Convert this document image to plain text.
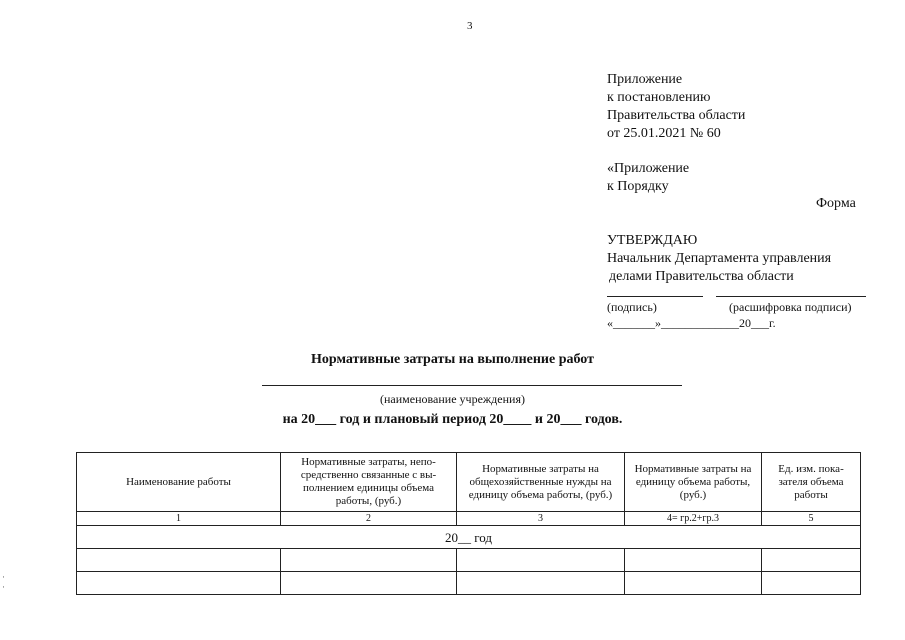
3
Приложение
к постановлению
Правительства области
от 25.01.2021 № 60
«Приложение
к Порядку
Форма
УТВЕРЖДАЮ
Начальник Департамента управления
делами Правительства области
(подпись)	(расшифровка подписи)
«_______»_____________20___г.
Нормативные затраты на выполнение работ
(наименование учреждения)
на 20___ год и плановый период 20____ и 20___ годов.
·
·
Наименование работы	Нормативные затраты, непо-средственно связанные с вы-полнением единицы объема работы, (руб.)	Нормативные затраты на общехозяйственные нужды на единицу объема работы, (руб.)	Нормативные затраты на единицу объема работы, (руб.)	Ед. изм. пока-зателя объема работы
1	2	3	4= гр.2+гр.3	5
20__ год				
